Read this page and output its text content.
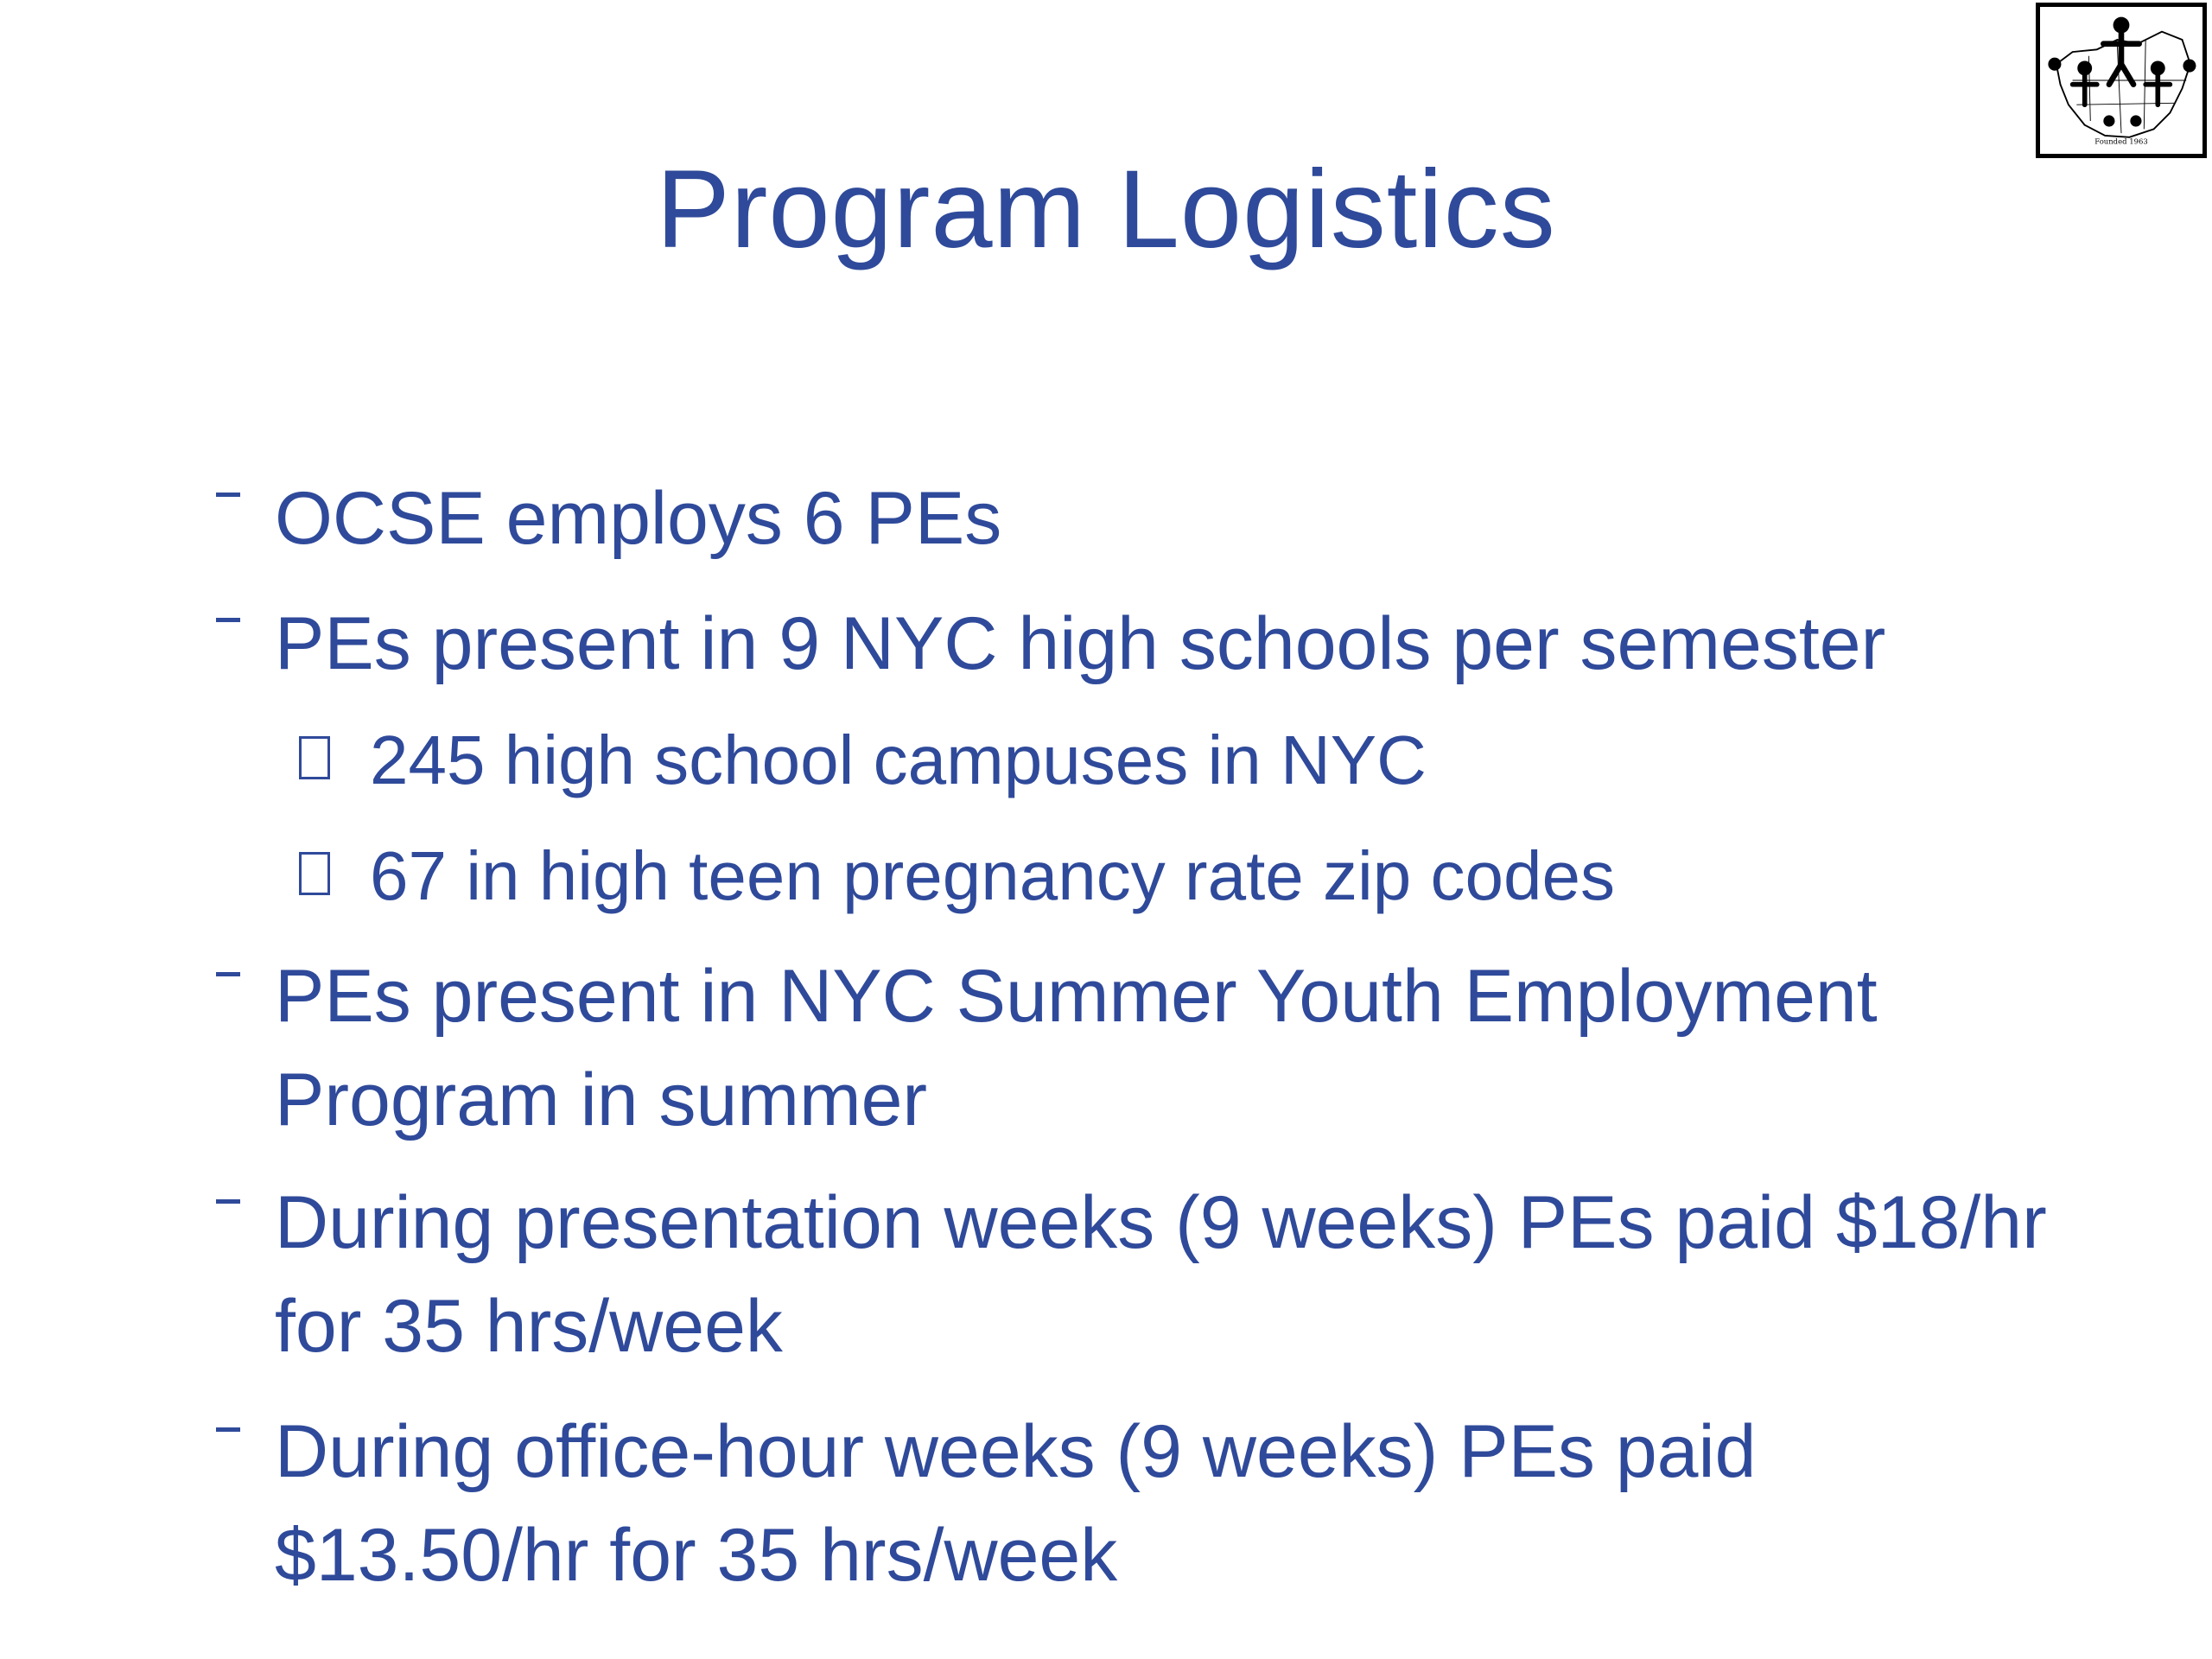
Founded 1963
Program Logistics
OCSE employs 6 PEs
PEs present in 9 NYC high schools per semester
245 high school campuses in NYC
67 in high teen pregnancy rate zip codes
PEs present in NYC Summer Youth Employment
Program in summer
During presentation weeks (9 weeks) PEs paid $18/hr
for 35 hrs/week
During office-hour weeks (9 weeks) PEs paid
$13.50/hr for 35 hrs/week
